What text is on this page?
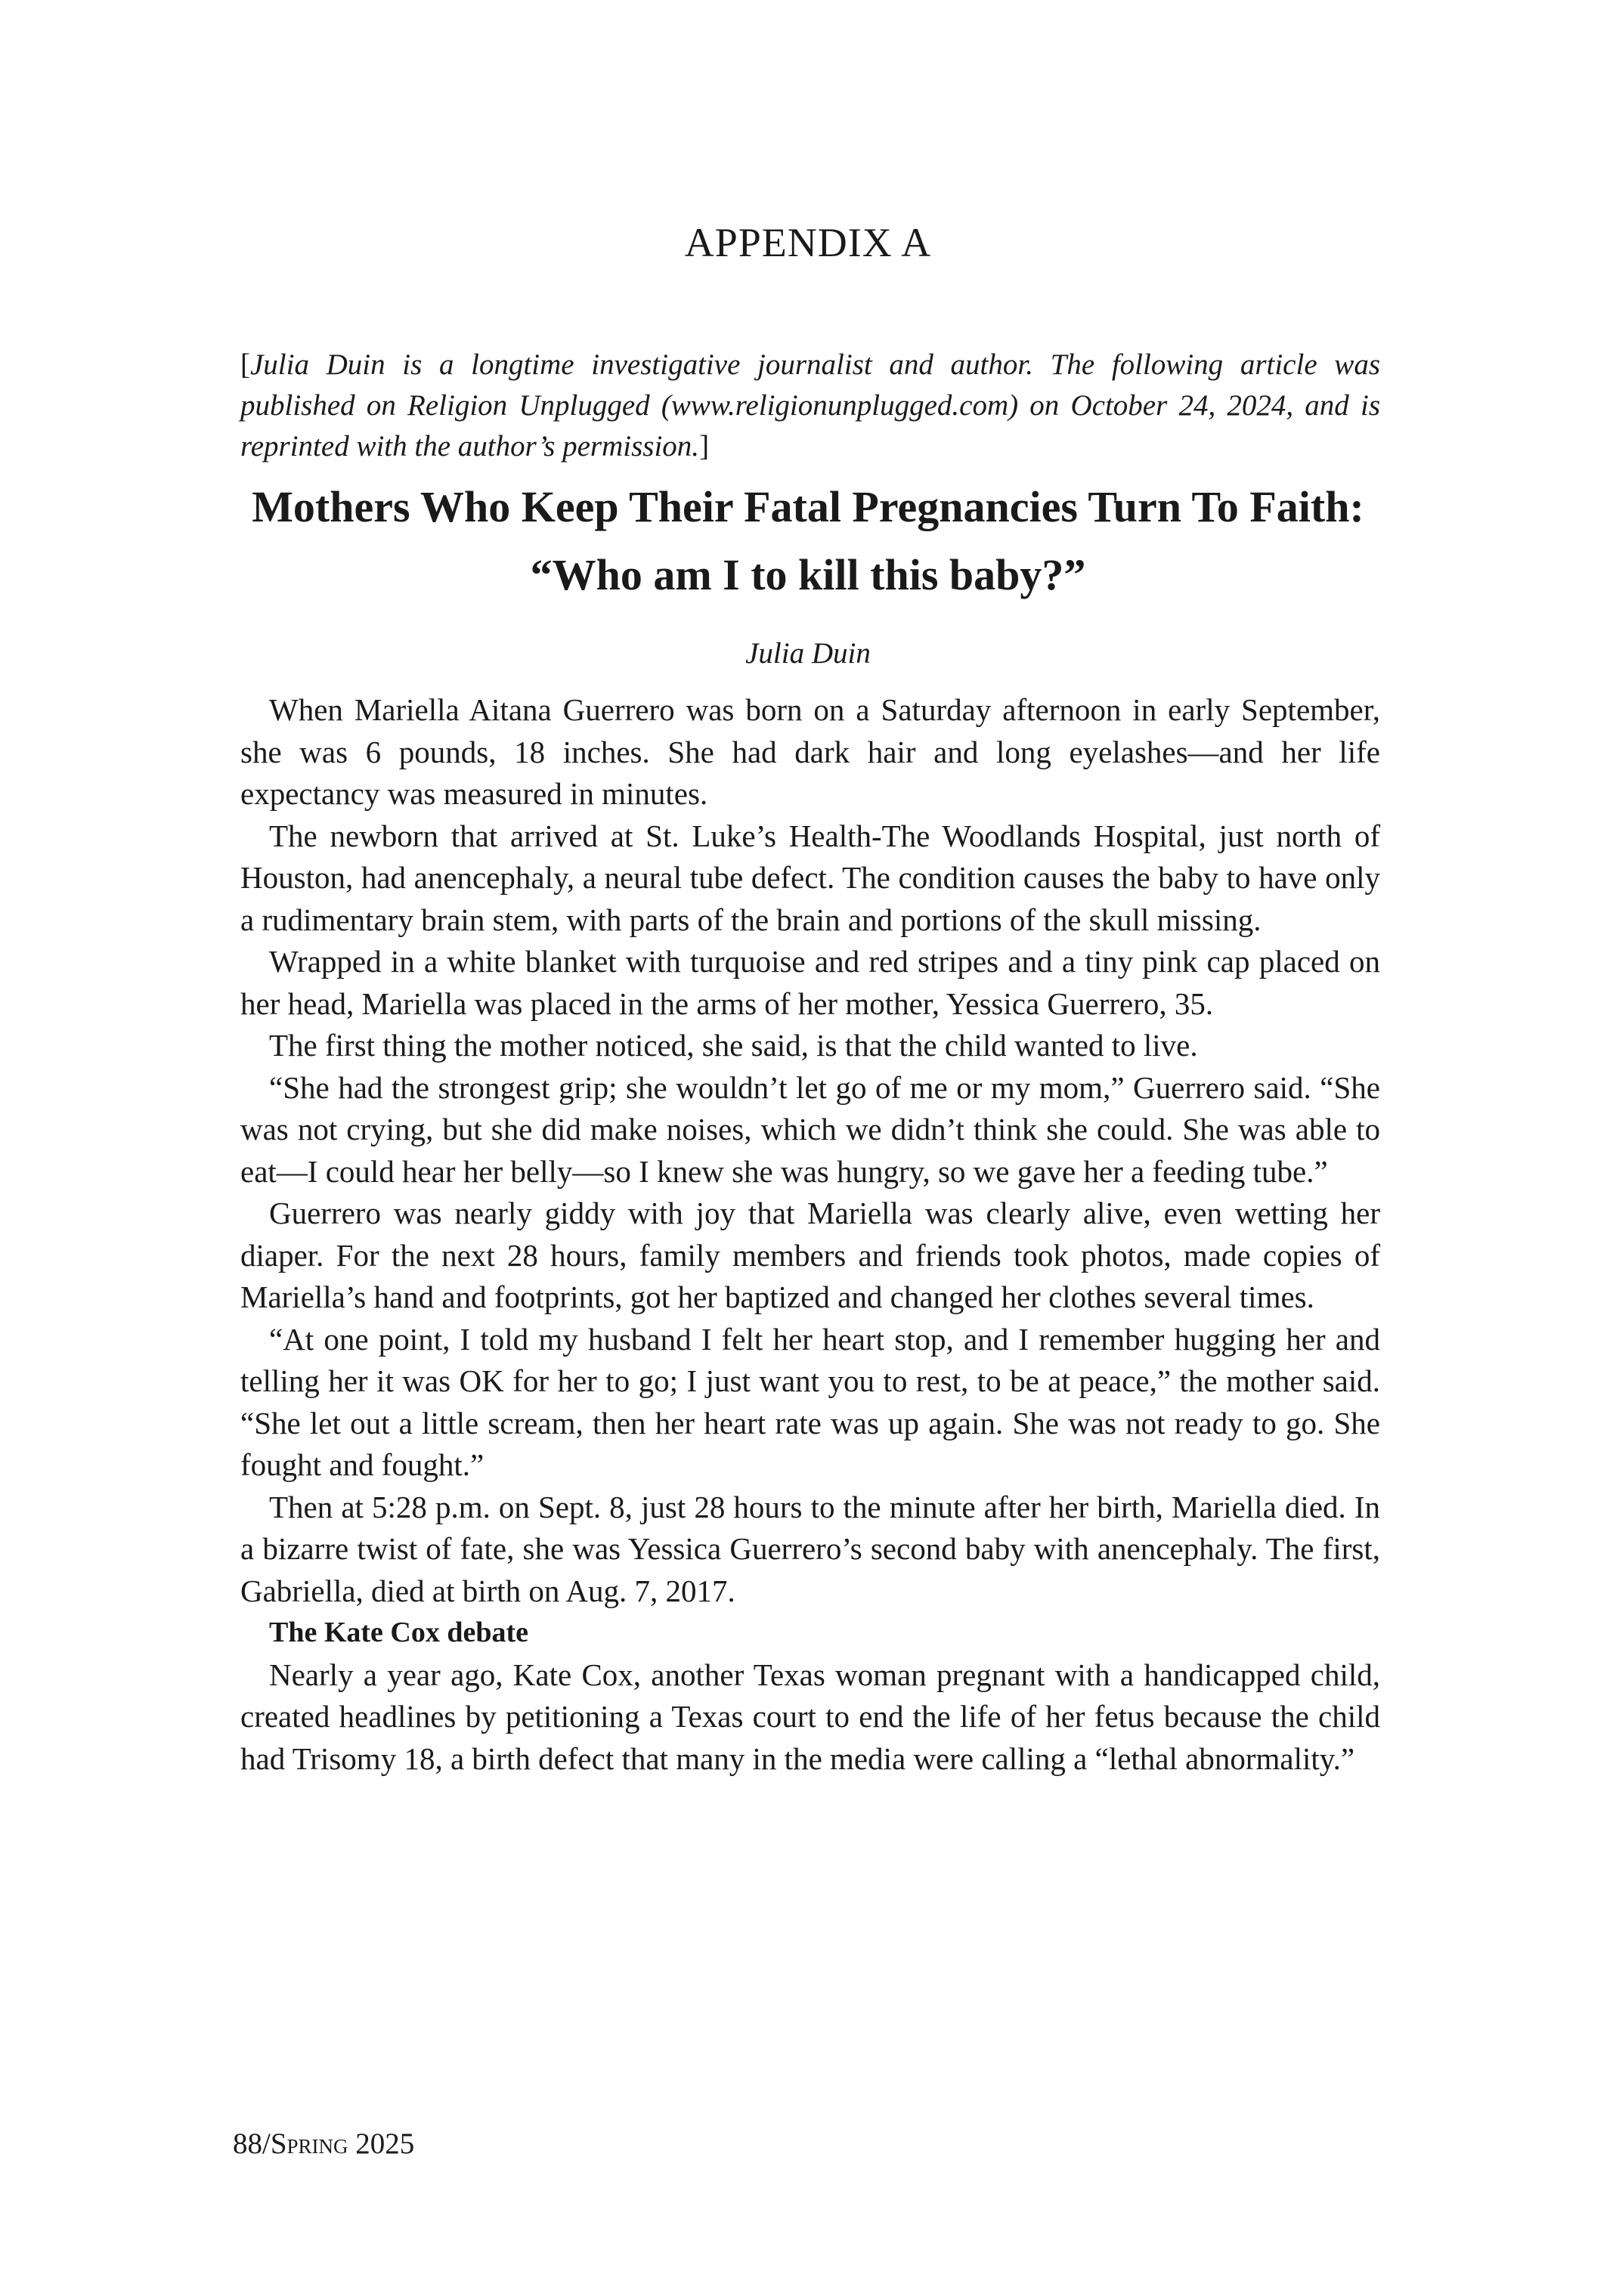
APPENDIX A

[Julia Duin is a longtime investigative journalist and author. The following article was published on Religion Unplugged (www.religionunplugged.com) on October 24, 2024, and is reprinted with the author’s permission.]

Mothers Who Keep Their Fatal Pregnancies Turn To Faith:
“Who am I to kill this baby?”

Julia Duin

When Mariella Aitana Guerrero was born on a Saturday afternoon in early September, she was 6 pounds, 18 inches. She had dark hair and long eyelashes—and her life expectancy was measured in minutes.

The newborn that arrived at St. Luke’s Health-The Woodlands Hospital, just north of Houston, had anencephaly, a neural tube defect. The condition causes the baby to have only a rudimentary brain stem, with parts of the brain and portions of the skull missing.

Wrapped in a white blanket with turquoise and red stripes and a tiny pink cap placed on her head, Mariella was placed in the arms of her mother, Yessica Guerrero, 35.

The first thing the mother noticed, she said, is that the child wanted to live.

“She had the strongest grip; she wouldn’t let go of me or my mom,” Guerrero said. “She was not crying, but she did make noises, which we didn’t think she could. She was able to eat—I could hear her belly—so I knew she was hungry, so we gave her a feeding tube.”

Guerrero was nearly giddy with joy that Mariella was clearly alive, even wetting her diaper. For the next 28 hours, family members and friends took photos, made copies of Mariella’s hand and footprints, got her baptized and changed her clothes several times.

“At one point, I told my husband I felt her heart stop, and I remember hugging her and telling her it was OK for her to go; I just want you to rest, to be at peace,” the mother said. “She let out a little scream, then her heart rate was up again. She was not ready to go. She fought and fought.”

Then at 5:28 p.m. on Sept. 8, just 28 hours to the minute after her birth, Mariella died. In a bizarre twist of fate, she was Yessica Guerrero’s second baby with anencephaly. The first, Gabriella, died at birth on Aug. 7, 2017.

The Kate Cox debate

Nearly a year ago, Kate Cox, another Texas woman pregnant with a handicapped child, created headlines by petitioning a Texas court to end the life of her fetus because the child had Trisomy 18, a birth defect that many in the media were calling a “lethal abnormality.”

88/Spring 2025
